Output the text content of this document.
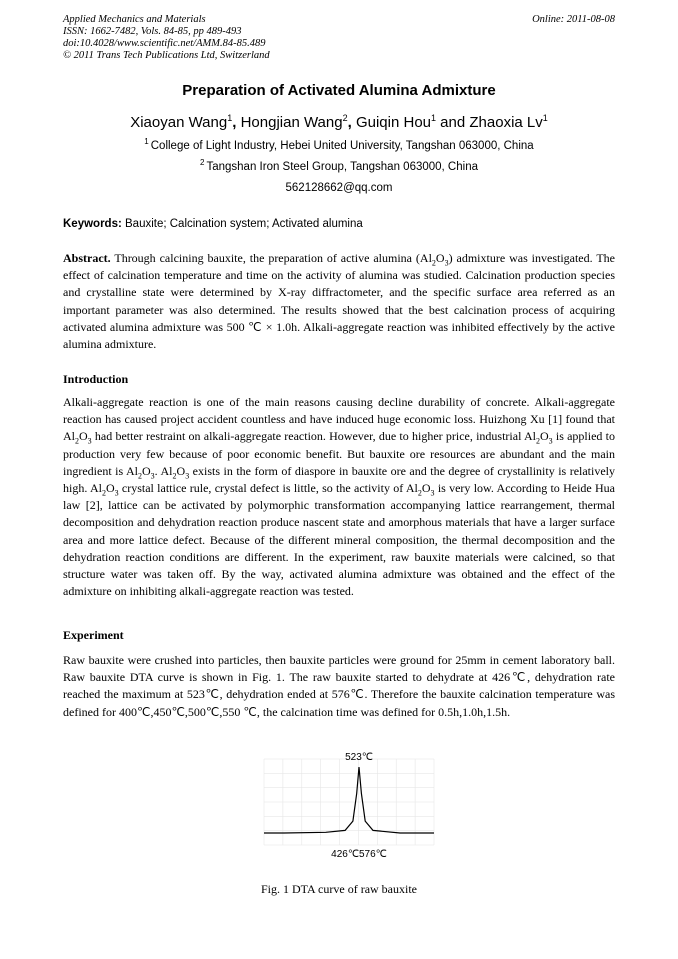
Applied Mechanics and Materials
ISSN: 1662-7482, Vols. 84-85, pp 489-493
doi:10.4028/www.scientific.net/AMM.84-85.489
© 2011 Trans Tech Publications Ltd, Switzerland
Online: 2011-08-08
Preparation of Activated Alumina Admixture
Xiaoyan Wang$^1$, Hongjian Wang$^2$, Guiqin Hou$^1$ and Zhaoxia Lv$^1$
$^1$ College of Light Industry, Hebei United University, Tangshan 063000, China
$^2$ Tangshan Iron Steel Group, Tangshan 063000, China
562128662@qq.com
Keywords: Bauxite; Calcination system; Activated alumina
Abstract. Through calcining bauxite, the preparation of active alumina $(Al_2O_3)$ admixture was investigated. The effect of calcination temperature and time on the activity of alumina was studied. Calcination production species and crystalline state were determined by X-ray diffractometer, and the specific surface area referred as an important parameter was also determined. The results showed that the best calcination process of acquiring activated alumina admixture was 500 ℃ × 1.0h. Alkali-aggregate reaction was inhibited effectively by the active alumina admixture.
Introduction
Alkali-aggregate reaction is one of the main reasons causing decline durability of concrete. Alkali-aggregate reaction has caused project accident countless and have induced huge economic loss. Huizhong Xu [1] found that $Al_2O_3$ had better restraint on alkali-aggregate reaction. However, due to higher price, industrial $Al_2O_3$ is applied to production very few because of poor economic benefit. But bauxite ore resources are abundant and the main ingredient is $Al_2O_3$. $Al_2O_3$ exists in the form of diaspore in bauxite ore and the degree of crystallinity is relatively high. $Al_2O_3$ crystal lattice rule, crystal defect is little, so the activity of $Al_2O_3$ is very low. According to Heide Hua law [2], lattice can be activated by polymorphic transformation accompanying lattice rearrangement, thermal decomposition and dehydration reaction produce nascent state and amorphous materials that have a larger surface area and more lattice defect. Because of the different mineral composition, the thermal decomposition and the dehydration reaction conditions are different. In the experiment, raw bauxite materials were calcined, so that structure water was taken off. By the way, activated alumina admixture was obtained and the effect of the admixture on inhibiting alkali-aggregate reaction was tested.
Experiment
Raw bauxite were crushed into particles, then bauxite particles were ground for 25mm in cement laboratory ball. Raw bauxite DTA curve is shown in Fig. 1. The raw bauxite started to dehydrate at 426℃, dehydration rate reached the maximum at 523℃, dehydration ended at 576℃. Therefore the bauxite calcination temperature was defined for 400℃,450℃,500℃,550 ℃, the calcination time was defined for 0.5h,1.0h,1.5h.
523℃
426℃ 576℃
Fig. 1 DTA curve of raw bauxite
